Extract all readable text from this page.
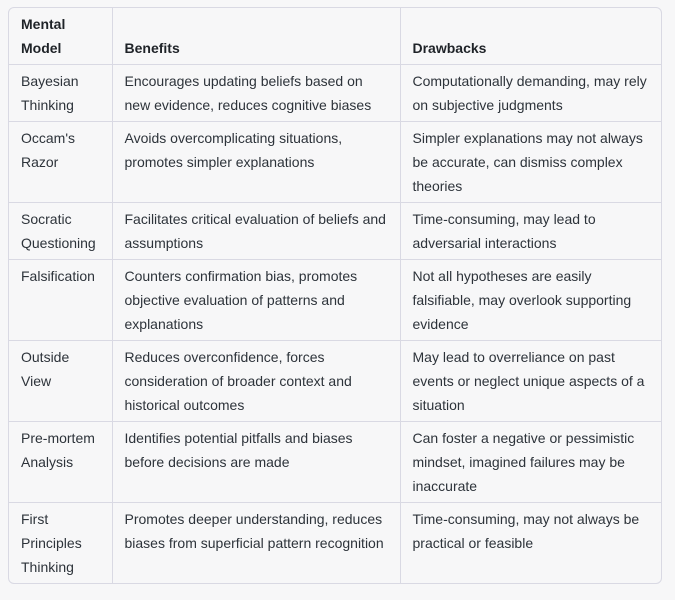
Mental Model	Benefits	Drawbacks
Bayesian Thinking	Encourages updating beliefs based on new evidence, reduces cognitive biases	Computationally demanding, may rely on subjective judgments
Occam's Razor	Avoids overcomplicating situations, promotes simpler explanations	Simpler explanations may not always be accurate, can dismiss complex theories
Socratic Questioning	Facilitates critical evaluation of beliefs and assumptions	Time-consuming, may lead to adversarial interactions
Falsification	Counters confirmation bias, promotes objective evaluation of patterns and explanations	Not all hypotheses are easily falsifiable, may overlook supporting evidence
Outside View	Reduces overconfidence, forces consideration of broader context and historical outcomes	May lead to overreliance on past events or neglect unique aspects of a situation
Pre-mortem Analysis	Identifies potential pitfalls and biases before decisions are made	Can foster a negative or pessimistic mindset, imagined failures may be inaccurate
First Principles Thinking	Promotes deeper understanding, reduces biases from superficial pattern recognition	Time-consuming, may not always be practical or feasible
